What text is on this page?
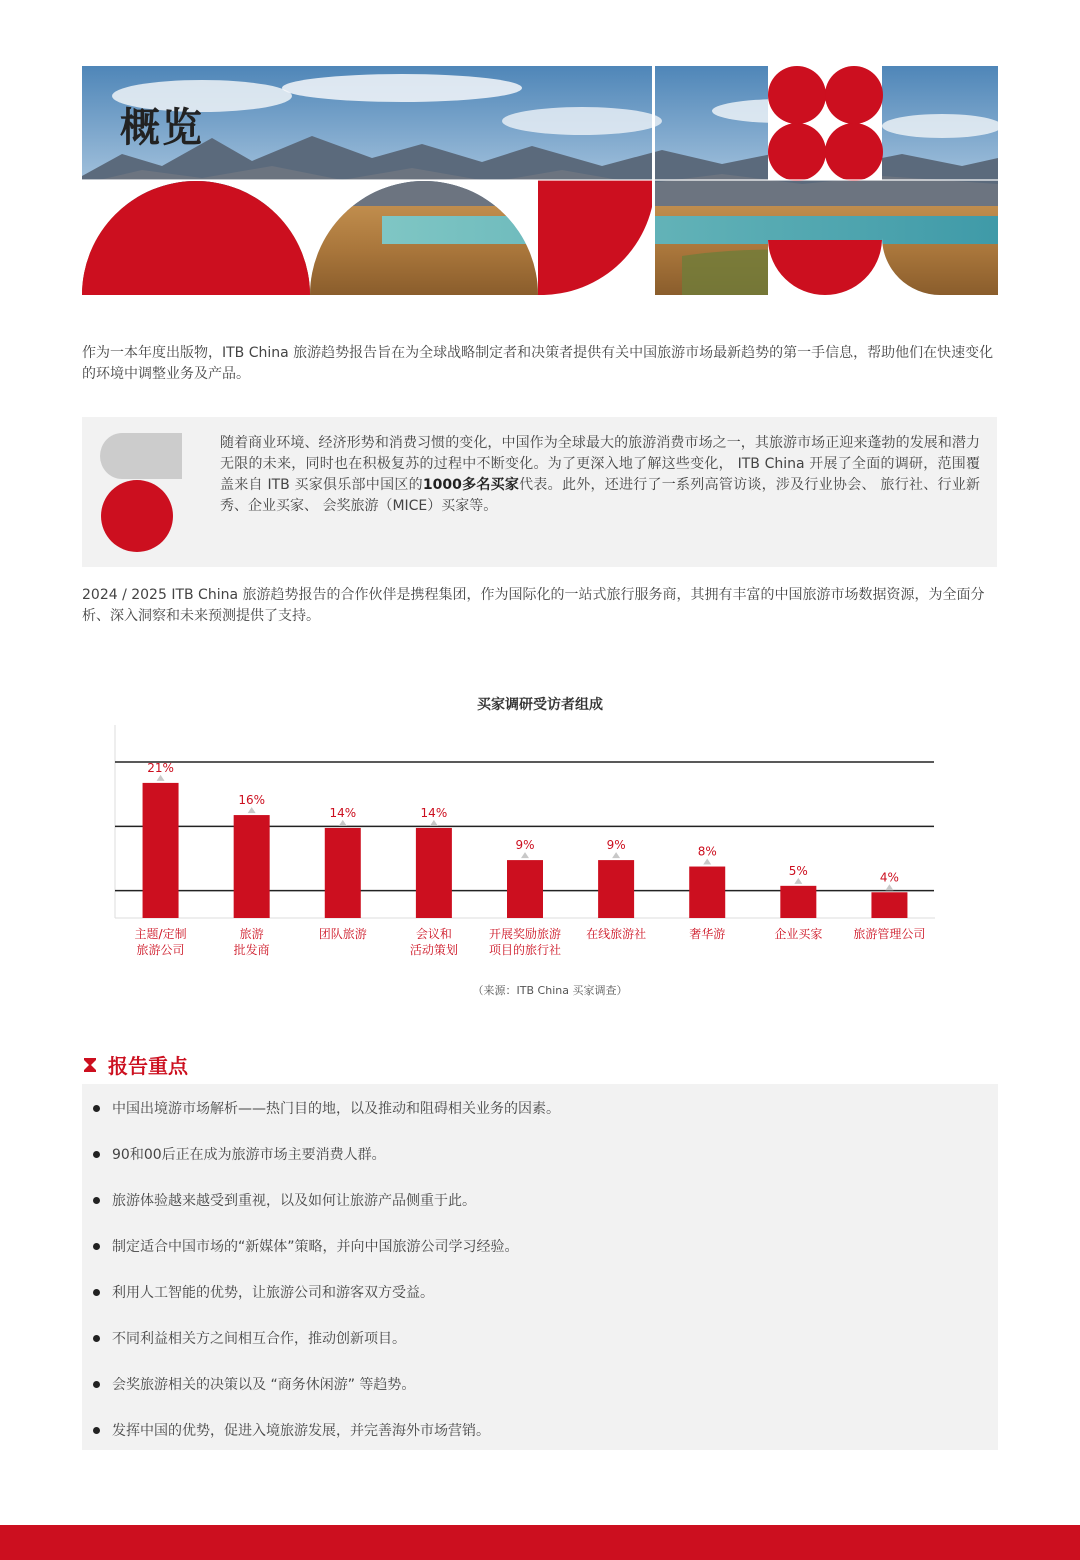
概览
作为一本年度出版物，ITB China 旅游趋势报告旨在为全球战略制定者和决策者提供有关中国旅游市场最新趋势的第一手信息，帮助他们在快速变化的环境中调整业务及产品。
随着商业环境、经济形势和消费习惯的变化，中国作为全球最大的旅游消费市场之一，其旅游市场正迎来蓬勃的发展和潜力无限的未来，同时也在积极复苏的过程中不断变化。为了更深入地了解这些变化， ITB China 开展了全面的调研，范围覆盖来自 ITB 买家俱乐部中国区的1000多名买家代表。此外，还进行了一系列高管访谈，涉及行业协会、 旅行社、行业新秀、企业买家、 会奖旅游（MICE）买家等。
2024 / 2025 ITB China 旅游趋势报告的合作伙伴是携程集团，作为国际化的一站式旅行服务商，其拥有丰富的中国旅游市场数据资源，为全面分析、深入洞察和未来预测提供了支持。
买家调研受访者组成
21%
主题/定制
旅游公司
16%
旅游
批发商
14%
团队旅游
14%
会议和
活动策划
9%
开展奖励旅游
项目的旅行社
9%
在线旅游社
8%
奢华游
5%
企业买家
4%
旅游管理公司
（来源：ITB China 买家调查）
报告重点
中国出境游市场解析——热门目的地，以及推动和阻碍相关业务的因素。
90和00后正在成为旅游市场主要消费人群。
旅游体验越来越受到重视，以及如何让旅游产品侧重于此。
制定适合中国市场的“新媒体”策略，并向中国旅游公司学习经验。
利用人工智能的优势，让旅游公司和游客双方受益。
不同利益相关方之间相互合作，推动创新项目。
会奖旅游相关的决策以及 “商务休闲游” 等趋势。
发挥中国的优势，促进入境旅游发展，并完善海外市场营销。
